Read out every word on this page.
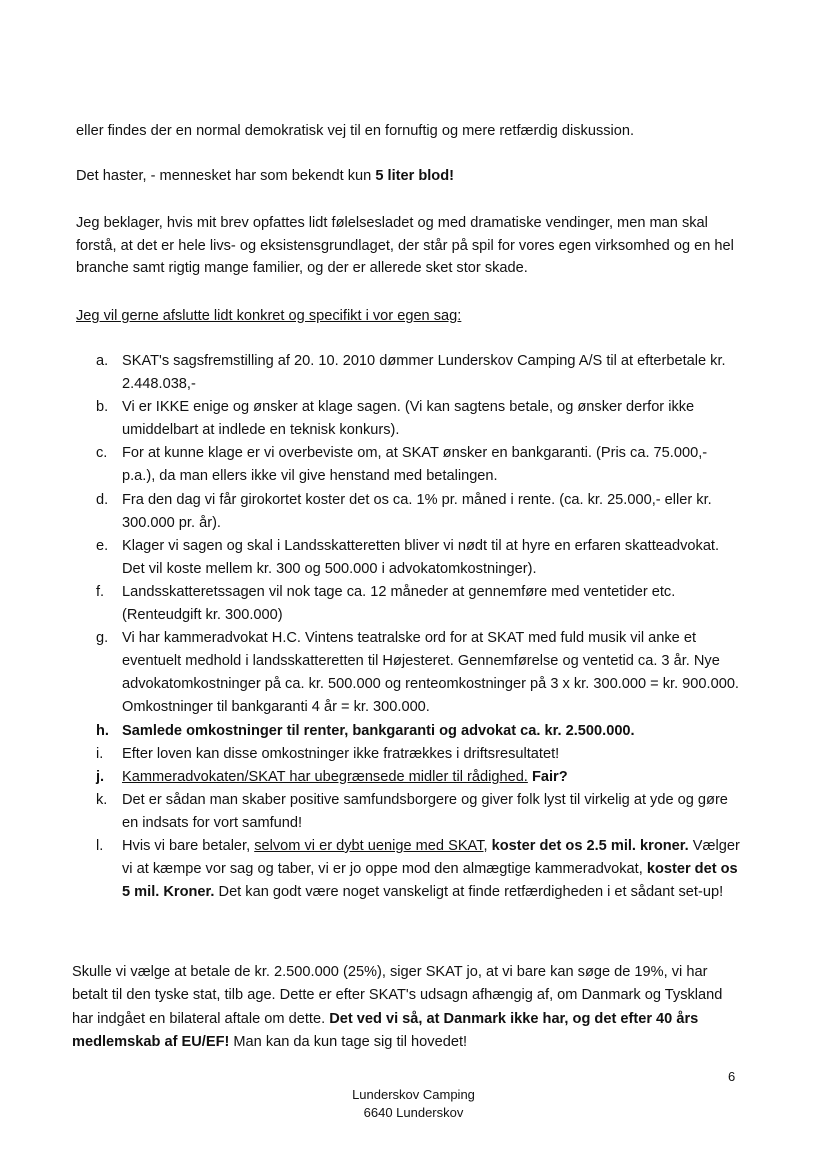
eller findes der en normal demokratisk vej til en fornuftig og mere retfærdig diskussion.

Det haster, - mennesket har som bekendt kun 5 liter blod!

Jeg beklager, hvis mit brev opfattes lidt følelsesladet og med dramatiske vendinger, men man skal forstå, at det er hele livs- og eksistensgrundlaget, der står på spil for vores egen virksomhed og en hel branche samt rigtig mange familier, og der er allerede sket stor skade.

Jeg vil gerne afslutte lidt konkret og specifikt i vor egen sag:

a. SKAT's sagsfremstilling af 20. 10. 2010 dømmer Lunderskov Camping A/S til at efterbetale kr. 2.448.038,-
b. Vi er IKKE enige og ønsker at klage sagen. (Vi kan sagtens betale, og ønsker derfor ikke umiddelbart at indlede en teknisk konkurs).
c.	For at kunne klage er vi overbeviste om, at SKAT ønsker en bankgaranti. (Pris ca. 75.000,- p.a.), da man ellers ikke vil give henstand med betalingen.
d. Fra den dag vi får girokortet koster det os ca. 1% pr. måned i rente. (ca. kr. 25.000,- eller kr. 300.000 pr. år).
e. Klager vi sagen og skal i Landsskatteretten bliver vi nødt til at hyre en erfaren skatteadvokat. Det vil koste mellem kr. 300 og 500.000 i advokatomkostninger).
f.	Landsskatteretssagen vil nok tage ca. 12 måneder at gennemføre med ventetider etc. (Renteudgift kr. 300.000)
g. Vi har kammeradvokat H.C. Vintens teatralske ord for at SKAT med fuld musik vil anke et eventuelt medhold i landsskatteretten til Højesteret. Gennemførelse og ventetid ca. 3 år. Nye advokatomkostninger på ca. kr. 500.000 og renteomkostninger på 3 x kr. 300.000 = kr. 900.000. Omkostninger til bankgaranti 4 år = kr. 300.000.
h. Samlede omkostninger til renter, bankgaranti og advokat ca. kr. 2.500.000.
i.	Efter loven kan disse omkostninger ikke fratrækkes i driftsresultatet!
j.	Kammeradvokaten/SKAT har ubegrænsede midler til rådighed. Fair?
k.	Det er sådan man skaber positive samfundsborgere og giver folk lyst til virkelig at yde og gøre en indsats for vort samfund!
l.	Hvis vi bare betaler, selvom vi er dybt uenige med SKAT, koster det os 2.5 mil. kroner. Vælger vi at kæmpe vor sag og taber, vi er jo oppe mod den almægtige kammeradvokat, koster det os 5 mil. Kroner. Det kan godt være noget vanskeligt at finde retfærdigheden i et sådant set-up!

Skulle vi vælge at betale de kr. 2.500.000 (25%), siger SKAT jo, at vi bare kan søge de 19%, vi har betalt til den tyske stat, tilb age. Dette er efter SKAT's udsagn afhængig af, om Danmark og Tyskland har indgået en bilateral aftale om dette. Det ved vi så, at Danmark ikke har, og det efter 40 års medlemskab af EU/EF! Man kan da kun tage sig til hovedet!

6
Lunderskov Camping
6640 Lunderskov
